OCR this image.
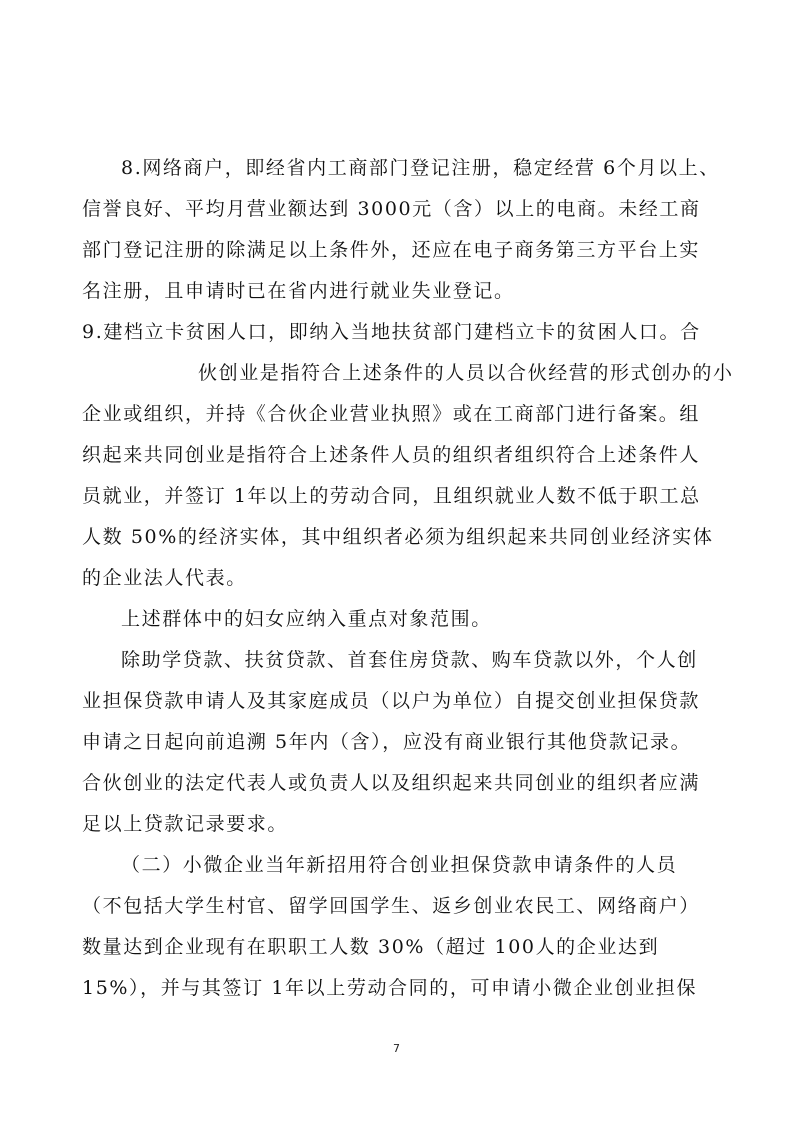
8.网络商户，即经省内工商部门登记注册，稳定经营 6个月以上、
信誉良好、平均月营业额达到 3000元（含）以上的电商。未经工商
部门登记注册的除满足以上条件外，还应在电子商务第三方平台上实
名注册，且申请时已在省内进行就业失业登记。
9.建档立卡贫困人口，即纳入当地扶贫部门建档立卡的贫困人口。合
伙创业是指符合上述条件的人员以合伙经营的形式创办的小
企业或组织，并持《合伙企业营业执照》或在工商部门进行备案。组
织起来共同创业是指符合上述条件人员的组织者组织符合上述条件人
员就业，并签订 1年以上的劳动合同，且组织就业人数不低于职工总
人数 50%的经济实体，其中组织者必须为组织起来共同创业经济实体
的企业法人代表。
上述群体中的妇女应纳入重点对象范围。
除助学贷款、扶贫贷款、首套住房贷款、购车贷款以外，个人创
业担保贷款申请人及其家庭成员（以户为单位）自提交创业担保贷款
申请之日起向前追溯 5年内（含），应没有商业银行其他贷款记录。
合伙创业的法定代表人或负责人以及组织起来共同创业的组织者应满
足以上贷款记录要求。
（二）小微企业当年新招用符合创业担保贷款申请条件的人员
（不包括大学生村官、留学回国学生、返乡创业农民工、网络商户）
数量达到企业现有在职职工人数 30%（超过 100人的企业达到
15%），并与其签订 1年以上劳动合同的，可申请小微企业创业担保
7
